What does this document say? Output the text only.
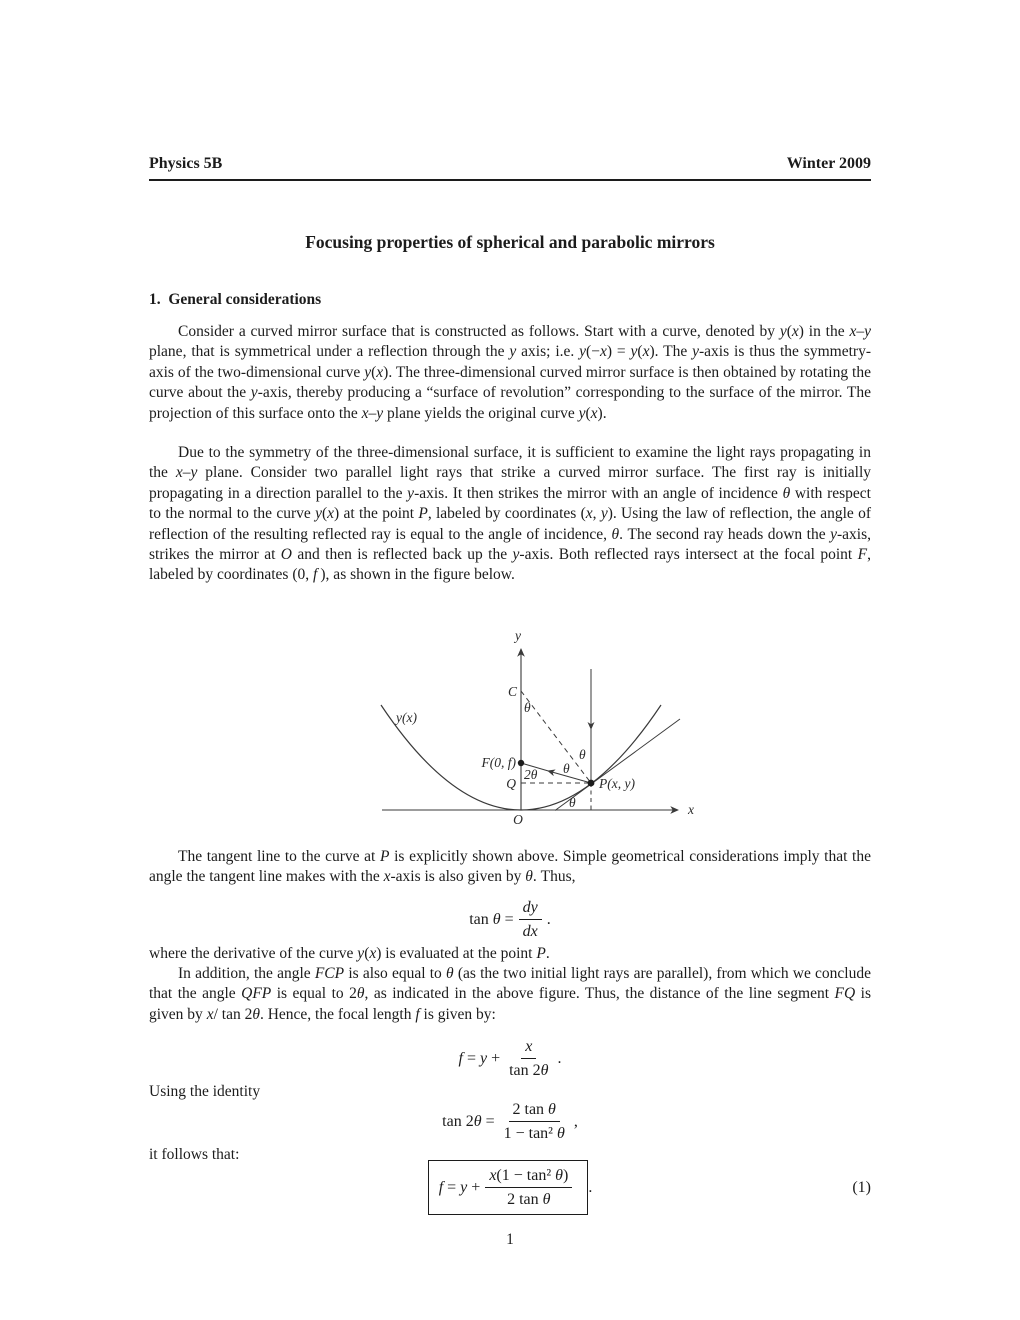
Physics 5B	Winter 2009
Focusing properties of spherical and parabolic mirrors
1. General considerations
Consider a curved mirror surface that is constructed as follows. Start with a curve, denoted by y(x) in the x–y plane, that is symmetrical under a reflection through the y axis; i.e. y(−x) = y(x). The y-axis is thus the symmetry-axis of the two-dimensional curve y(x). The three-dimensional curved mirror surface is then obtained by rotating the curve about the y-axis, thereby producing a “surface of revolution” corresponding to the surface of the mirror. The projection of this surface onto the x–y plane yields the original curve y(x).
Due to the symmetry of the three-dimensional surface, it is sufficient to examine the light rays propagating in the x–y plane. Consider two parallel light rays that strike a curved mirror surface. The first ray is initially propagating in a direction parallel to the y-axis. It then strikes the mirror with an angle of incidence θ with respect to the normal to the curve y(x) at the point P, labeled by coordinates (x, y). Using the law of reflection, the angle of reflection of the resulting reflected ray is equal to the angle of incidence, θ. The second ray heads down the y-axis, strikes the mirror at O and then is reflected back up the y-axis. Both reflected rays intersect at the focal point F, labeled by coordinates (0, f ), as shown in the figure below.
y
x
O
y(x)
C
θ
F(0, f)
2θ
Q
θ
θ
P(x, y)
θ
The tangent line to the curve at P is explicitly shown above. Simple geometrical considerations imply that the angle the tangent line makes with the x-axis is also given by θ. Thus,
$\tan \theta = \frac{dy}{dx}$ .
where the derivative of the curve y(x) is evaluated at the point P.
In addition, the angle FCP is also equal to θ (as the two initial light rays are parallel), from which we conclude that the angle QFP is equal to 2θ, as indicated in the above figure. Thus, the distance of the line segment FQ is given by x/ tan 2θ. Hence, the focal length f is given by:
$f = y + \frac{x}{\tan 2\theta}$ .
Using the identity
$\tan 2\theta = \frac{\text{2 tan θ}}{\text{1 − tan² θ}}$ ,
it follows that:
$f = y + \frac{\text{x(1 − tan² θ)}}{\text{2 tan θ}}$ .	(1)
1
